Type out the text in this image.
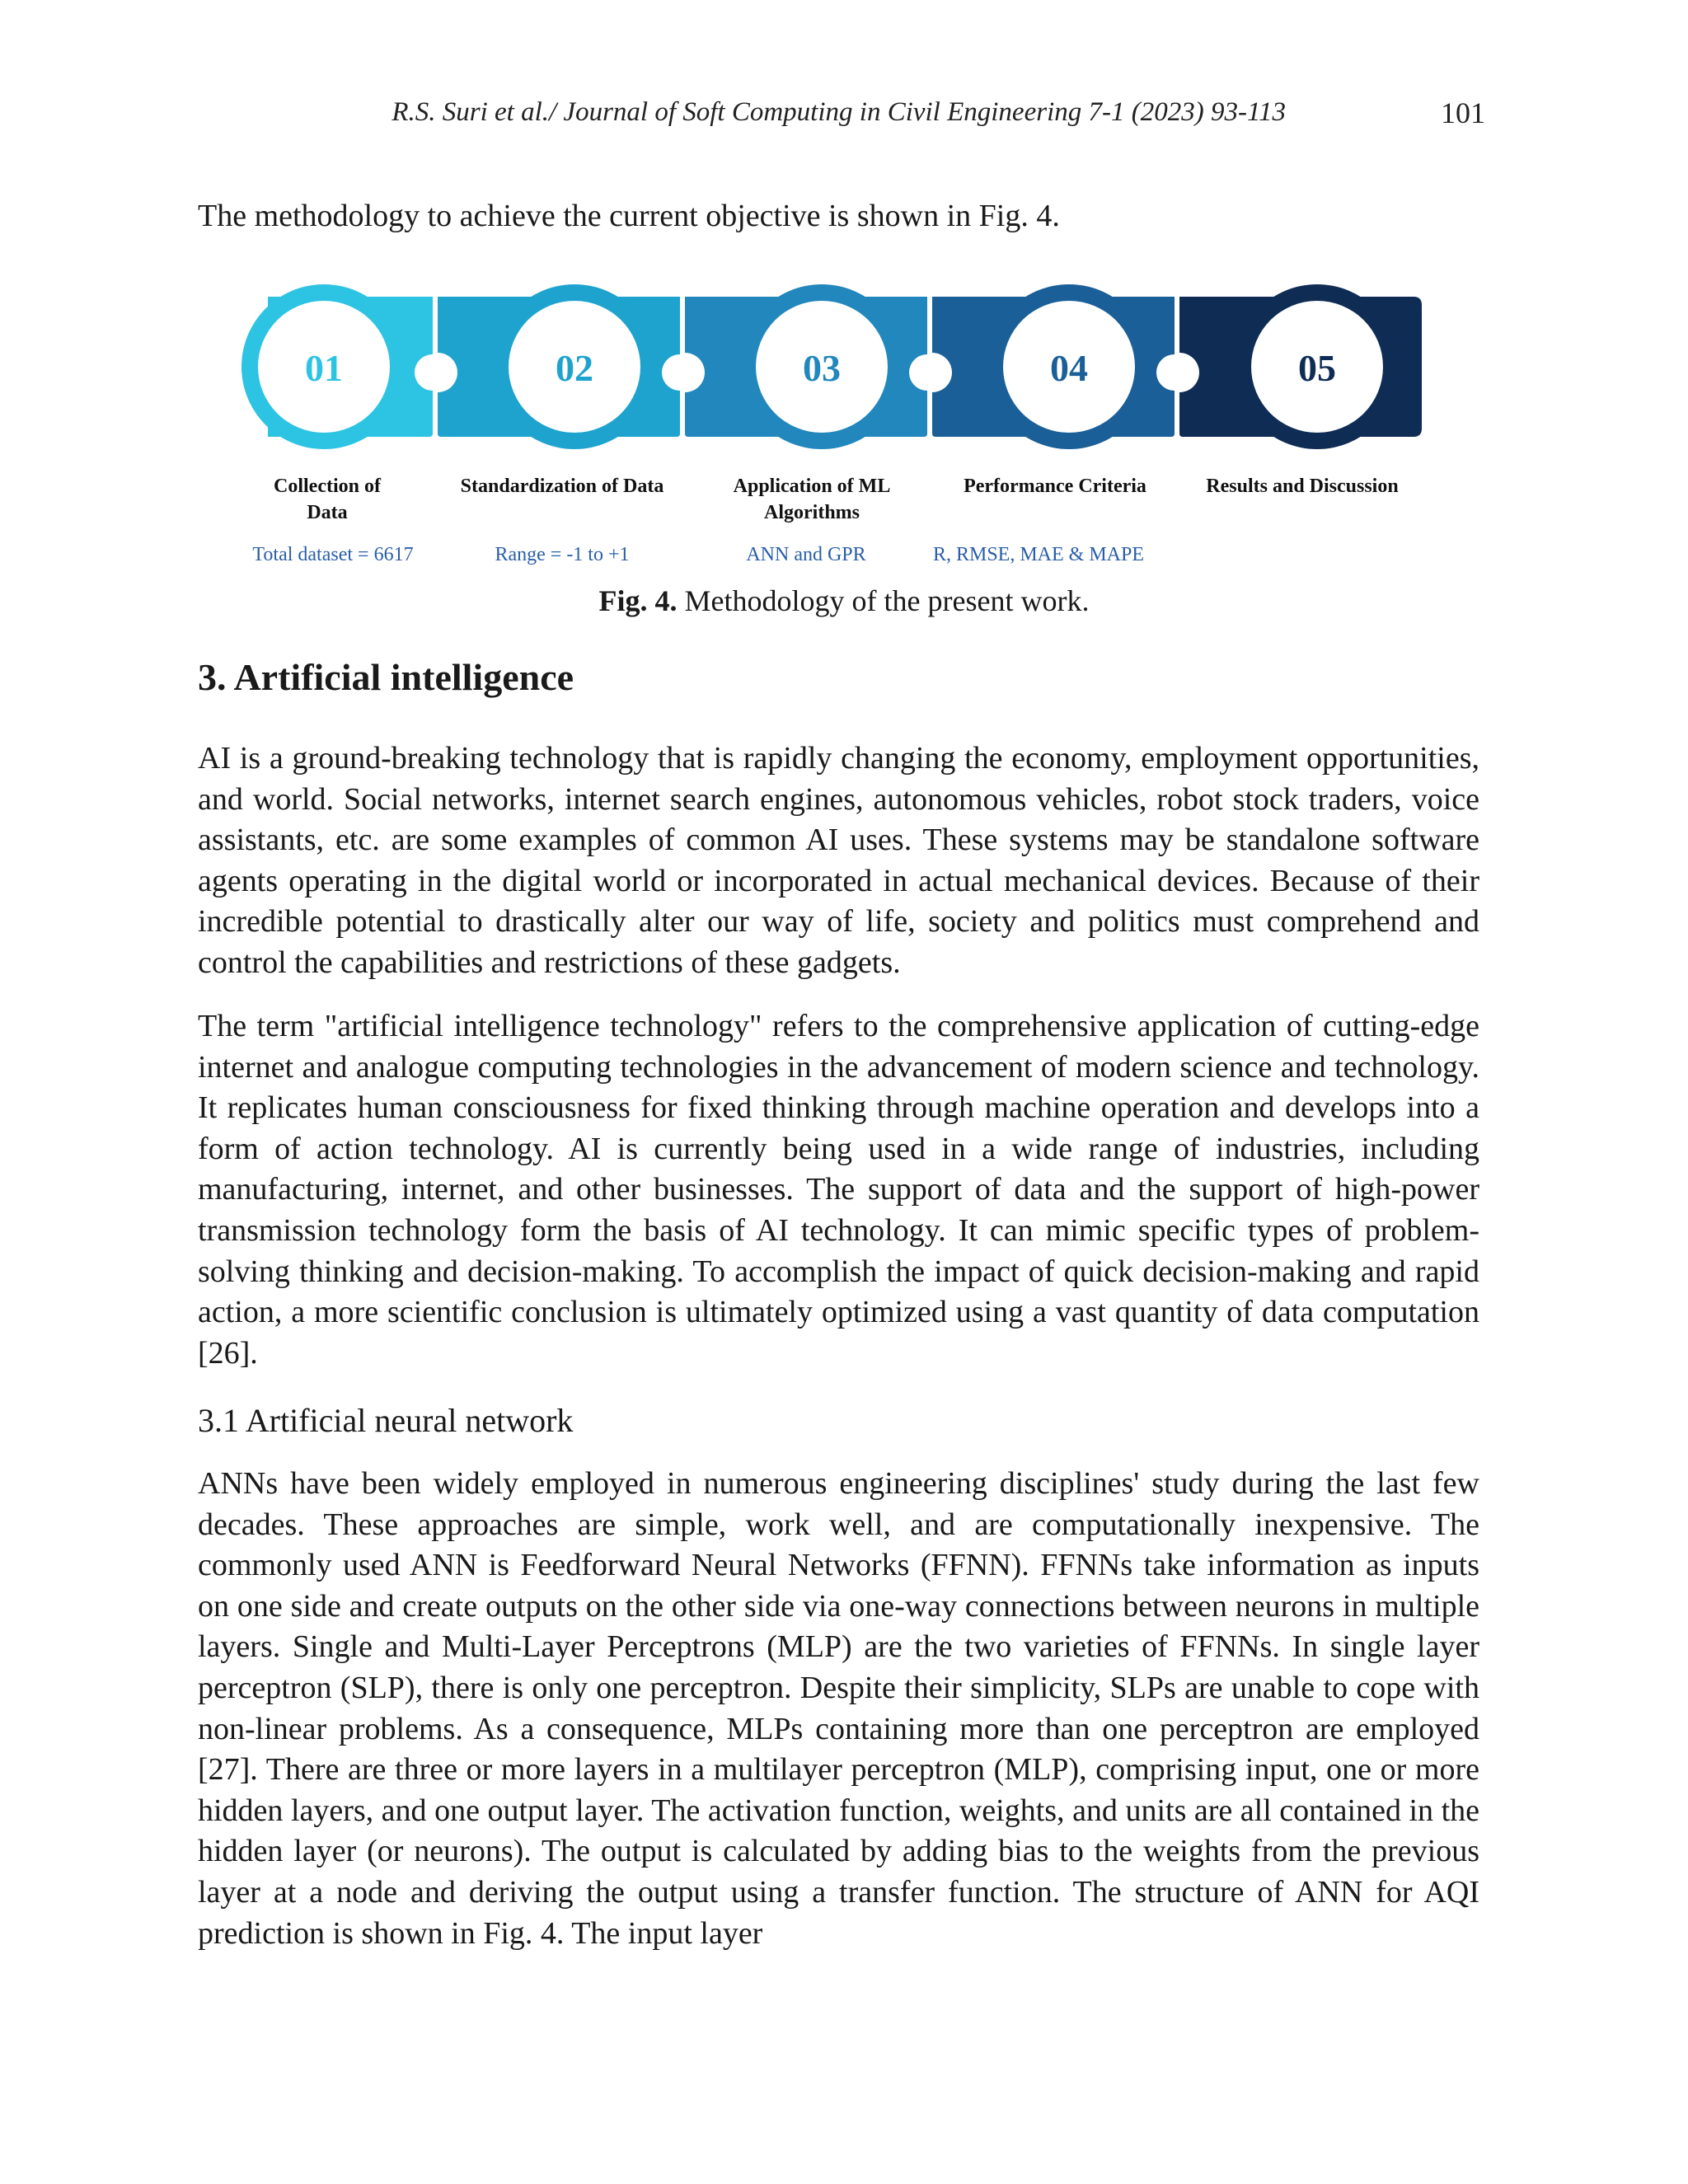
R.S. Suri et al./ Journal of Soft Computing in Civil Engineering 7-1 (2023) 93-113	101

The methodology to achieve the current objective is shown in Fig. 4.

01
Collection of
Data
Total dataset = 6617
02
Standardization of Data
Range = -1 to +1
03
Application of ML
Algorithms
ANN and GPR
04
Performance Criteria
R, RMSE, MAE & MAPE
05
Results and Discussion
Fig. 4. Methodology of the present work.
3. Artificial intelligence

AI is a ground-breaking technology that is rapidly changing the economy, employment opportunities, and world. Social networks, internet search engines, autonomous vehicles, robot stock traders, voice assistants, etc. are some examples of common AI uses. These systems may be standalone software agents operating in the digital world or incorporated in actual mechanical devices. Because of their incredible potential to drastically alter our way of life, society and politics must comprehend and control the capabilities and restrictions of these gadgets.

The term "artificial intelligence technology" refers to the comprehensive application of cutting-edge internet and analogue computing technologies in the advancement of modern science and technology. It replicates human consciousness for fixed thinking through machine operation and develops into a form of action technology. AI is currently being used in a wide range of industries, including manufacturing, internet, and other businesses. The support of data and the support of high-power transmission technology form the basis of AI technology. It can mimic specific types of problem-solving thinking and decision-making. To accomplish the impact of quick decision-making and rapid action, a more scientific conclusion is ultimately optimized using a vast quantity of data computation [26].

3.1 Artificial neural network

ANNs have been widely employed in numerous engineering disciplines' study during the last few decades. These approaches are simple, work well, and are computationally inexpensive. The commonly used ANN is Feedforward Neural Networks (FFNN). FFNNs take information as inputs on one side and create outputs on the other side via one-way connections between neurons in multiple layers. Single and Multi-Layer Perceptrons (MLP) are the two varieties of FFNNs. In single layer perceptron (SLP), there is only one perceptron. Despite their simplicity, SLPs are unable to cope with non-linear problems. As a consequence, MLPs containing more than one perceptron are employed [27]. There are three or more layers in a multilayer perceptron (MLP), comprising input, one or more hidden layers, and one output layer. The activation function, weights, and units are all contained in the hidden layer (or neurons). The output is calculated by adding bias to the weights from the previous layer at a node and deriving the output using a transfer function. The structure of ANN for AQI prediction is shown in Fig. 4. The input layer
